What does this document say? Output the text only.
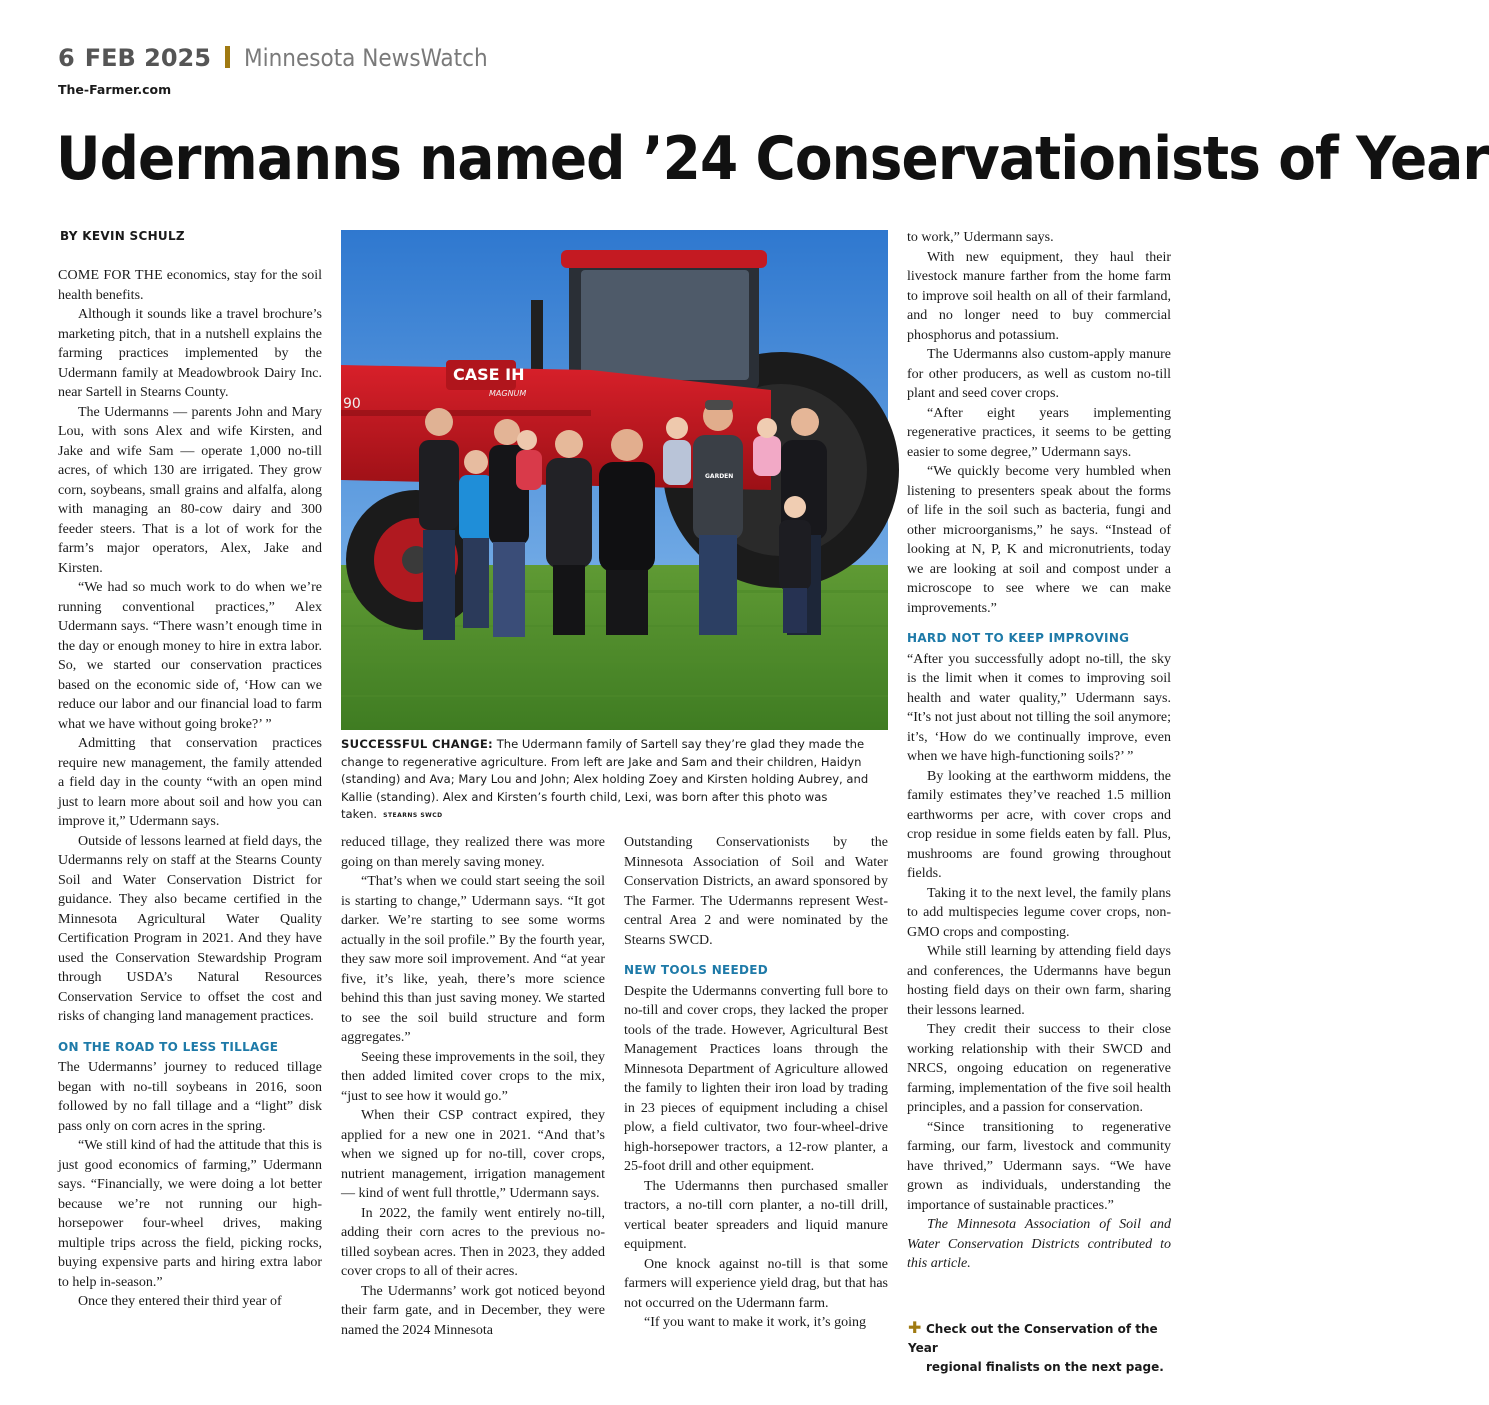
6 FEB 2025 Minnesota NewsWatch
The-Farmer.com
Udermanns named ’24 Conservationists of Year
BY KEVIN SCHULZ

COME FOR THE economics, stay for the soil health benefits.

Although it sounds like a travel brochure’s marketing pitch, that in a nutshell explains the farming practices implemented by the Udermann family at Meadowbrook Dairy Inc. near Sartell in Stearns County.

The Udermanns — parents John and Mary Lou, with sons Alex and wife Kirsten, and Jake and wife Sam — operate 1,000 no-till acres, of which 130 are irrigated. They grow corn, soybeans, small grains and alfalfa, along with managing an 80-cow dairy and 300 feeder steers. That is a lot of work for the farm’s major operators, Alex, Jake and Kirsten.

“We had so much work to do when we’re running conventional practices,” Alex Udermann says. “There wasn’t enough time in the day or enough money to hire in extra labor. So, we started our conservation practices based on the economic side of, ‘How can we reduce our labor and our financial load to farm what we have without going broke?’ ”

Admitting that conservation practices require new management, the family attended a field day in the county “with an open mind just to learn more about soil and how you can improve it,” Udermann says.

Outside of lessons learned at field days, the Udermanns rely on staff at the Stearns County Soil and Water Conservation District for guidance. They also became certified in the Minnesota Agricultural Water Quality Certification Program in 2021. And they have used the Conservation Stewardship Program through USDA’s Natural Resources Conservation Service to offset the cost and risks of changing land management practices.

ON THE ROAD TO LESS TILLAGE

The Udermanns’ journey to reduced tillage began with no-till soybeans in 2016, soon followed by no fall tillage and a “light” disk pass only on corn acres in the spring.

“We still kind of had the attitude that this is just good economics of farming,” Udermann says. “Financially, we were doing a lot better because we’re not running our high-horsepower four-wheel drives, making multiple trips across the field, picking rocks, buying expensive parts and hiring extra labor to help in-season.”

Once they entered their third year of

CASE IH
MAGNUM
90
GARDEN
SUCCESSFUL CHANGE: The Udermann family of Sartell say they’re glad they made the change to regenerative agriculture. From left are Jake and Sam and their children, Haidyn (standing) and Ava; Mary Lou and John; Alex holding Zoey and Kirsten holding Aubrey, and Kallie (standing). Alex and Kirsten’s fourth child, Lexi, was born after this photo was taken. STEARNS SWCD

reduced tillage, they realized there was more going on than merely saving money.

“That’s when we could start seeing the soil is starting to change,” Udermann says. “It got darker. We’re starting to see some worms actually in the soil profile.” By the fourth year, they saw more soil improvement. And “at year five, it’s like, yeah, there’s more science behind this than just saving money. We started to see the soil build structure and form aggregates.”

Seeing these improvements in the soil, they then added limited cover crops to the mix, “just to see how it would go.”

When their CSP contract expired, they applied for a new one in 2021. “And that’s when we signed up for no-till, cover crops, nutrient management, irrigation management — kind of went full throttle,” Udermann says.

In 2022, the family went entirely no-till, adding their corn acres to the previous no-tilled soybean acres. Then in 2023, they added cover crops to all of their acres.

The Udermanns’ work got noticed beyond their farm gate, and in December, they were named the 2024 Minnesota

Outstanding Conservationists by the Minnesota Association of Soil and Water Conservation Districts, an award sponsored by The Farmer. The Udermanns represent West-central Area 2 and were nominated by the Stearns SWCD.

NEW TOOLS NEEDED

Despite the Udermanns converting full bore to no-till and cover crops, they lacked the proper tools of the trade. However, Agricultural Best Management Practices loans through the Minnesota Department of Agriculture allowed the family to lighten their iron load by trading in 23 pieces of equipment including a chisel plow, a field cultivator, two four-wheel-drive high-horsepower tractors, a 12-row planter, a 25-foot drill and other equipment.

The Udermanns then purchased smaller tractors, a no-till corn planter, a no-till drill, vertical beater spreaders and liquid manure equipment.

One knock against no-till is that some farmers will experience yield drag, but that has not occurred on the Udermann farm.

“If you want to make it work, it’s going

to work,” Udermann says.

With new equipment, they haul their livestock manure farther from the home farm to improve soil health on all of their farmland, and no longer need to buy commercial phosphorus and potassium.

The Udermanns also custom-apply manure for other producers, as well as custom no-till plant and seed cover crops.

“After eight years implementing regenerative practices, it seems to be getting easier to some degree,” Udermann says.

“We quickly become very humbled when listening to presenters speak about the forms of life in the soil such as bacteria, fungi and other microorganisms,” he says. “Instead of looking at N, P, K and micronutrients, today we are looking at soil and compost under a microscope to see where we can make improvements.”

HARD NOT TO KEEP IMPROVING

“After you successfully adopt no-till, the sky is the limit when it comes to improving soil health and water quality,” Udermann says. “It’s not just about not tilling the soil anymore; it’s, ‘How do we continually improve, even when we have high-functioning soils?’ ”

By looking at the earthworm middens, the family estimates they’ve reached 1.5 million earthworms per acre, with cover crops and crop residue in some fields eaten by fall. Plus, mushrooms are found growing throughout fields.

Taking it to the next level, the family plans to add multispecies legume cover crops, non-GMO crops and composting.

While still learning by attending field days and conferences, the Udermanns have begun hosting field days on their own farm, sharing their lessons learned.

They credit their success to their close working relationship with their SWCD and NRCS, ongoing education on regenerative farming, implementation of the five soil health principles, and a passion for conservation.

“Since transitioning to regenerative farming, our farm, livestock and community have thrived,” Udermann says. “We have grown as individuals, understanding the importance of sustainable practices.”

The Minnesota Association of Soil and Water Conservation Districts contributed to this article.

✚ Check out the Conservation of the Year
regional finalists on the next page.
